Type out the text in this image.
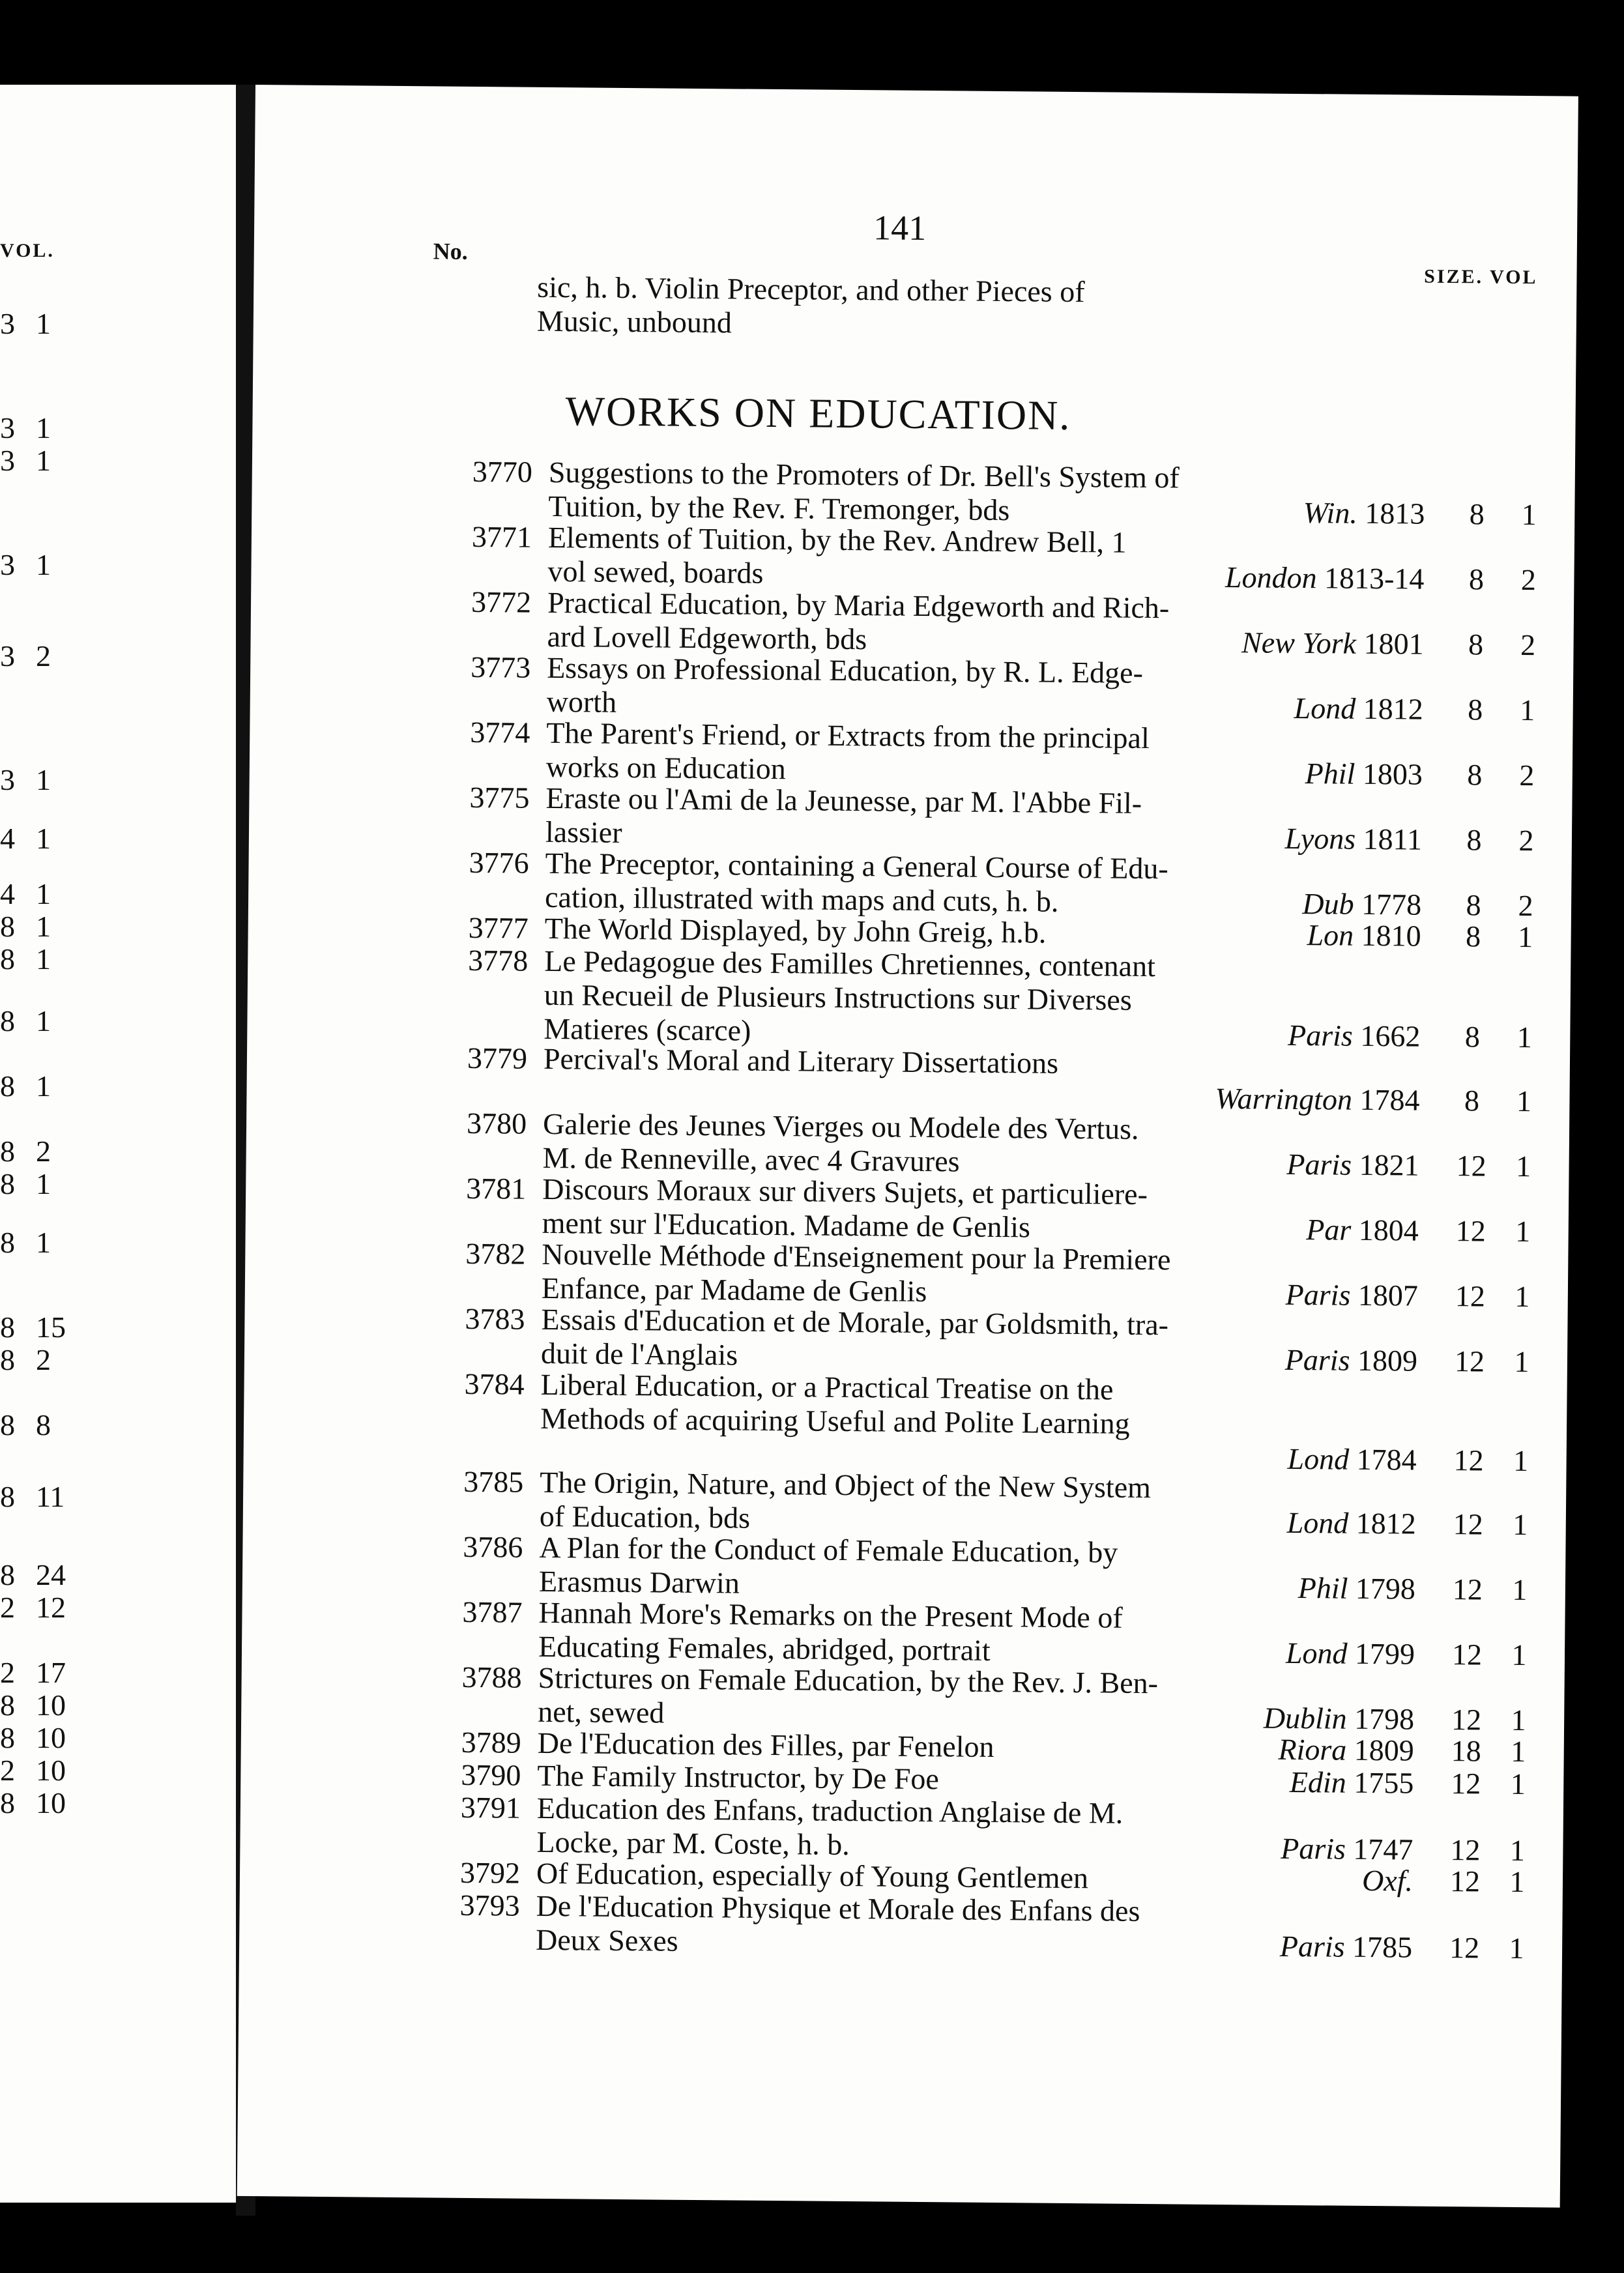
VOL.
3 1
3 1
3 1
3 1
3 2
3 1
4 1
4 1
8 1
8 1
8 1
8 1
8 2
8 1
8 1
8 15
8 2
8 8
8 11
8 24
2 12
2 17
8 10
8 10
2 10
8 10
141
No.
SIZE. VOL
sic, h. b. Violin Preceptor, and other Pieces of
Music, unbound
WORKS ON EDUCATION.
3770 Suggestions to the Promoters of Dr. Bell's System of
Tuition, by the Rev. F. Tremonger, bds	Win. 1813	8	1
3771 Elements of Tuition, by the Rev. Andrew Bell, 1
vol sewed, boards	London 1813-14	8	2
3772 Practical Education, by Maria Edgeworth and Rich-
ard Lovell Edgeworth, bds	New York 1801	8	2
3773 Essays on Professional Education, by R. L. Edge-
worth	Lond 1812	8	1
3774 The Parent's Friend, or Extracts from the principal
works on Education	Phil 1803	8	2
3775 Eraste ou l'Ami de la Jeunesse, par M. l'Abbe Fil-
lassier	Lyons 1811	8	2
3776 The Preceptor, containing a General Course of Edu-
cation, illustrated with maps and cuts, h. b.	Dub 1778	8	2
3777 The World Displayed, by John Greig, h.b.	Lon 1810	8	1
3778 Le Pedagogue des Familles Chretiennes, contenant
un Recueil de Plusieurs Instructions sur Diverses
Matieres (scarce)	Paris 1662	8	1
3779 Percival's Moral and Literary Dissertations
Warrington 1784	8	1
3780 Galerie des Jeunes Vierges ou Modele des Vertus.
M. de Renneville, avec 4 Gravures	Paris 1821	12 1
3781 Discours Moraux sur divers Sujets, et particuliere-
ment sur l'Education. Madame de Genlis	Par 1804	12 1
3782 Nouvelle Méthode d'Enseignement pour la Premiere
Enfance, par Madame de Genlis	Paris 1807	12 1
3783 Essais d'Education et de Morale, par Goldsmith, tra-
duit de l'Anglais	Paris 1809	12 1
3784 Liberal Education, or a Practical Treatise on the
Methods of acquiring Useful and Polite Learning
Lond 1784	12 1
3785 The Origin, Nature, and Object of the New System
of Education, bds	Lond 1812	12 1
3786 A Plan for the Conduct of Female Education, by
Erasmus Darwin	Phil 1798	12 1
3787 Hannah More's Remarks on the Present Mode of
Educating Females, abridged, portrait	Lond 1799	12 1
3788 Strictures on Female Education, by the Rev. J. Ben-
net, sewed	Dublin 1798	12 1
3789 De l'Education des Filles, par Fenelon	Riora 1809	18 1
3790 The Family Instructor, by De Foe	Edin 1755	12 1
3791 Education des Enfans, traduction Anglaise de M.
Locke, par M. Coste, h. b.	Paris 1747	12 1
3792 Of Education, especially of Young Gentlemen	Oxf.	12 1
3793 De l'Education Physique et Morale des Enfans des
Deux Sexes	Paris 1785	12 1
